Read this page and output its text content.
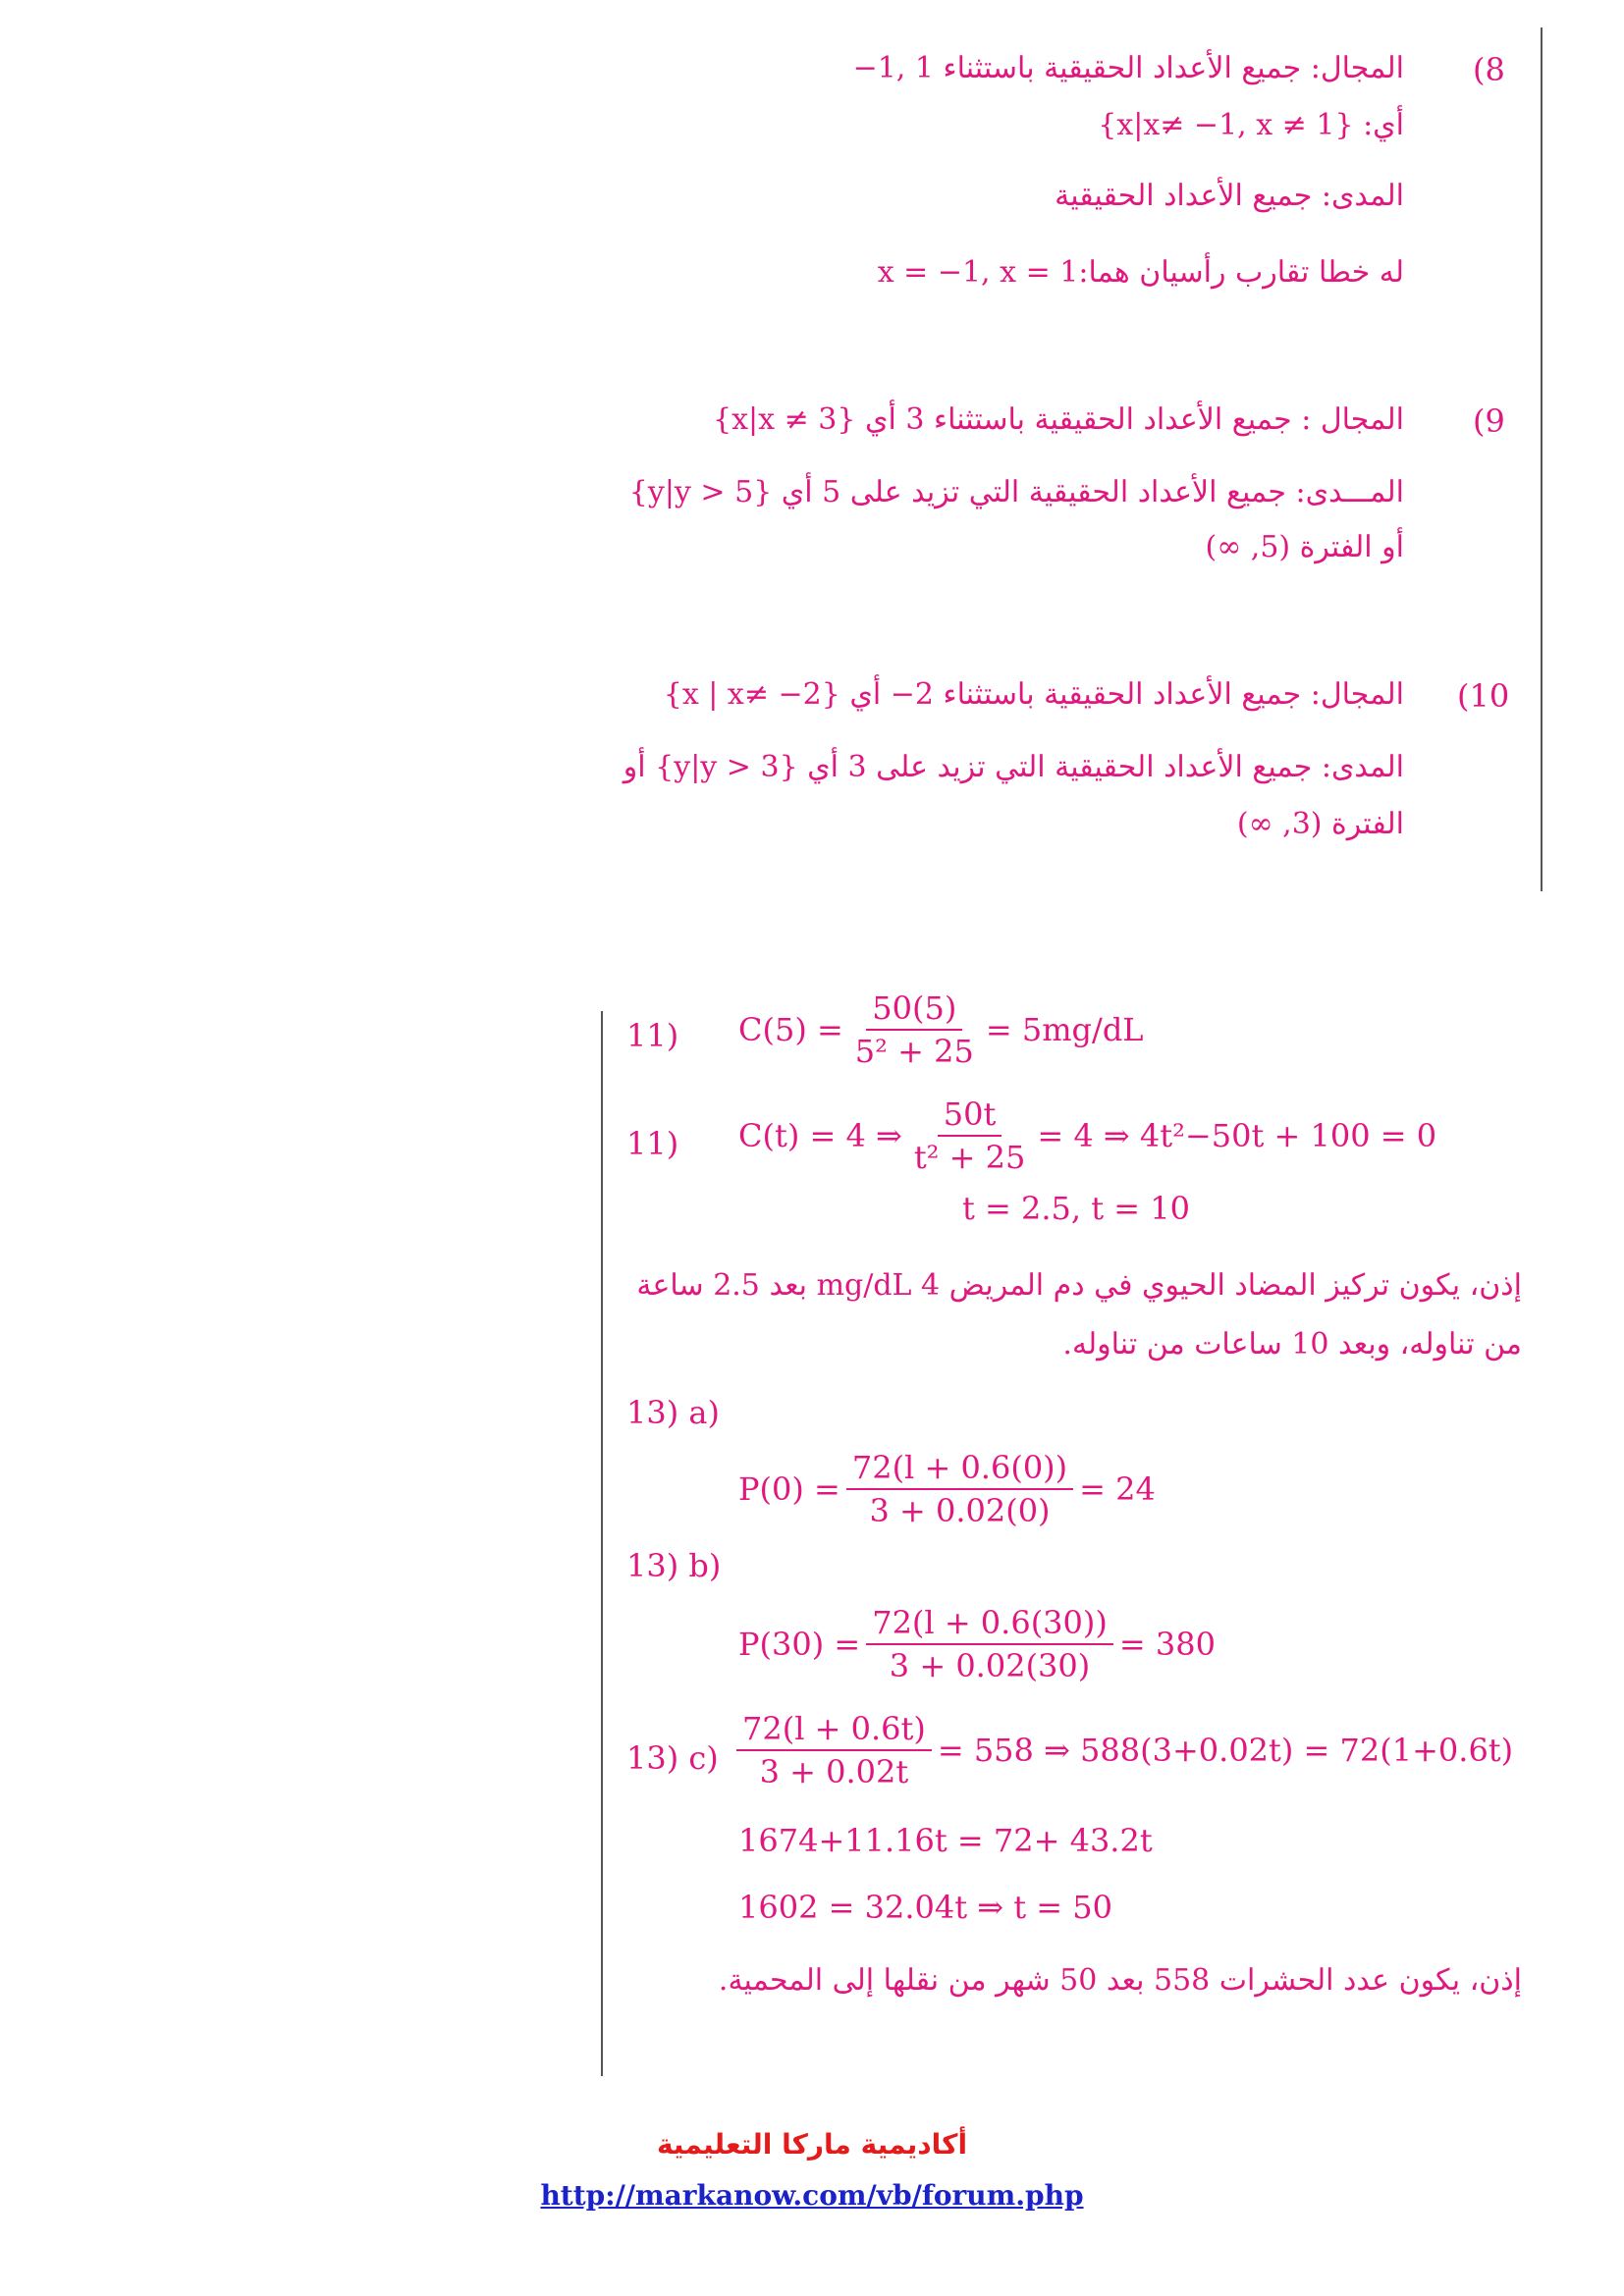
(8
المجال: جميع الأعداد الحقيقية باستثناء 1 ,1−
أي: {x|x≠ −1, x ≠ 1}
المدى: جميع الأعداد الحقيقية
له خطا تقارب رأسيان هما:1 = x = −1, x
(9
المجال : جميع الأعداد الحقيقية باستثناء 3 أي {x|x ≠ 3}
المـــدى: جميع الأعداد الحقيقية التي تزيد على 5 أي {y|y > 5}
أو الفترة (5, ∞)
(10
المجال: جميع الأعداد الحقيقية باستثناء 2− أي {x | x≠ −2}
المدى: جميع الأعداد الحقيقية التي تزيد على 3 أي {y|y > 3} أو
الفترة (3, ∞)
11) $C(5) = \frac{50(5)}{\text{5² + 25}} = 5mg/dL$
11) C(t) = 4 ⇒ $\frac{50t}{\text{t² + 25}} = 4$ ⇒ 4t²−50t + 100 = 0
t = 2.5, t = 10
إذن، يكون تركيز المضاد الحيوي في دم المريض 4 mg/dL بعد 2.5 ساعة
من تناوله، وبعد 10 ساعات من تناوله.
13) a)
$P(0) = \frac{72(l + 0.6(0))}{3 + 0.02(0)} = 24$
13) b)
$P(30) = \frac{72(l + 0.6(30))}{3 + 0.02(30)} = 380$
13) $c) \frac{72(l + 0.6t)}{3 + 0.02t} = 558$ ⇒ 588(3+0.02t) = 72(1+0.6t)
1674+11.16t = 72+ 43.2t
1602 = 32.04t ⇒ t = 50
إذن، يكون عدد الحشرات 558 بعد 50 شهر من نقلها إلى المحمية.
أكاديمية ماركا التعليمية
http://markanow.com/vb/forum.php
